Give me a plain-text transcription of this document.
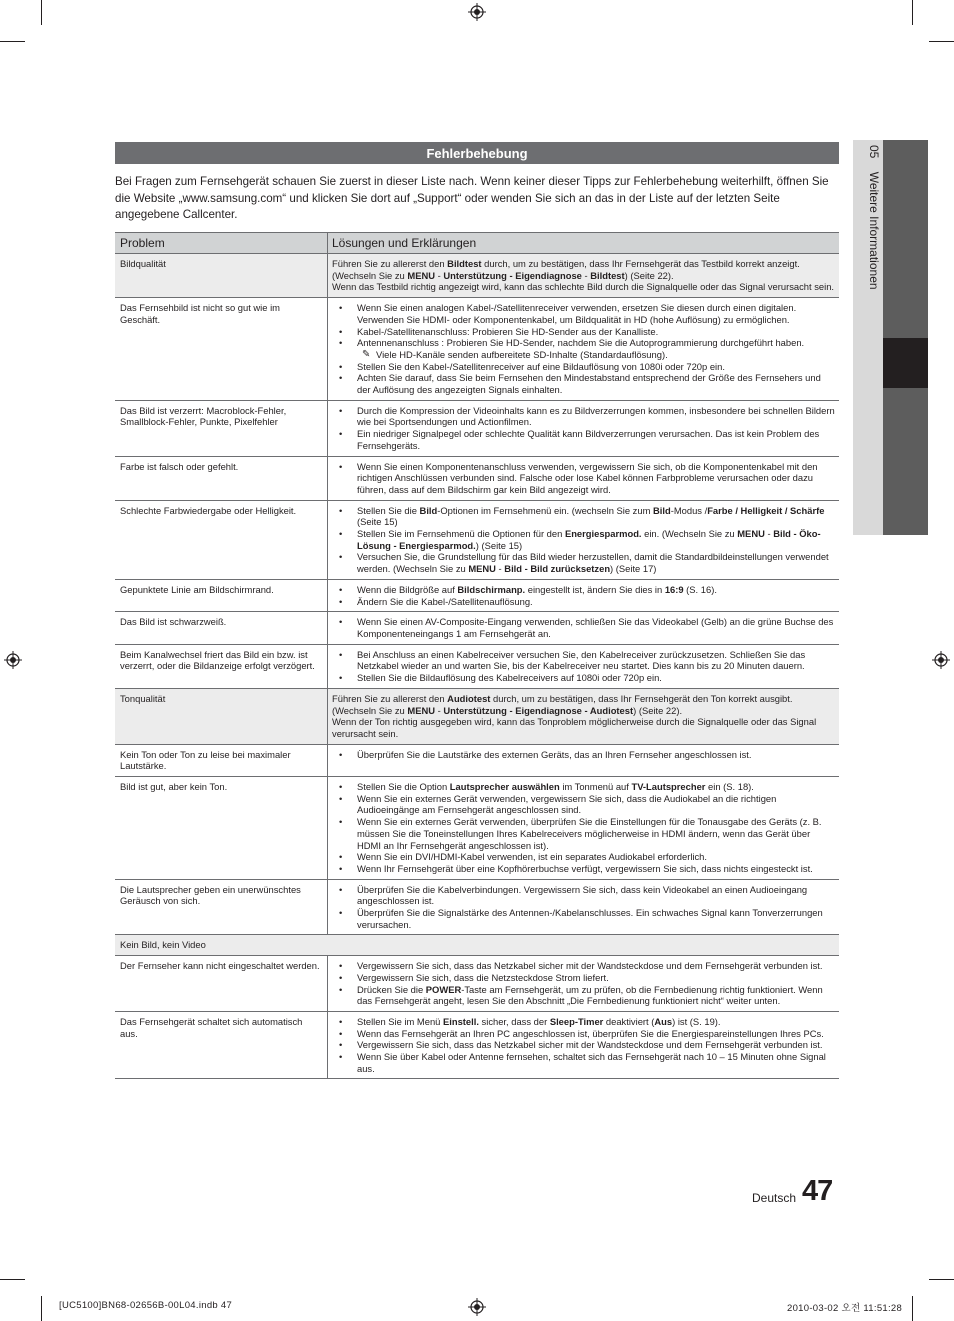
05 Weitere Informationen
Fehlerbehebung
Bei Fragen zum Fernsehgerät schauen Sie zuerst in dieser Liste nach. Wenn keiner dieser Tipps zur Fehlerbehebung weiterhilft, öffnen Sie die Website „www.samsung.com“ und klicken Sie dort auf „Support“ oder wenden Sie sich an das in der Liste auf der letzten Seite angegebene Callcenter.
Problem	Lösungen und Erklärungen
Bildqualität	Führen Sie zu allererst den Bildtest durch, um zu bestätigen, dass Ihr Fernsehgerät das Testbild korrekt anzeigt. (Wechseln Sie zu MENU - Unterstützung - Eigendiagnose - Bildtest) (Seite 22).
Wenn das Testbild richtig angezeigt wird, kann das schlechte Bild durch die Signalquelle oder das Signal verursacht sein.
Das Fernsehbild ist nicht so gut wie im Geschäft.
• Wenn Sie einen analogen Kabel-/Satellitenreceiver verwenden, ersetzen Sie diesen durch einen digitalen. Verwenden Sie HDMI- oder Komponentenkabel, um Bildqualität in HD (hohe Auflösung) zu ermöglichen.
• Kabel-/Satellitenanschluss: Probieren Sie HD-Sender aus der Kanalliste.
• Antennenanschluss : Probieren Sie HD-Sender, nachdem Sie die Autoprogrammierung durchgeführt haben.
✎ Viele HD-Kanäle senden aufbereitete SD-Inhalte (Standardauflösung).
• Stellen Sie den Kabel-/Satellitenreceiver auf eine Bildauflösung von 1080i oder 720p ein.
• Achten Sie darauf, dass Sie beim Fernsehen den Mindestabstand entsprechend der Größe des Fernsehers und der Auflösung des angezeigten Signals einhalten.
Das Bild ist verzerrt: Macroblock-Fehler, Smallblock-Fehler, Punkte, Pixelfehler
• Durch die Kompression der Videoinhalts kann es zu Bildverzerrungen kommen, insbesondere bei schnellen Bildern wie bei Sportsendungen und Actionfilmen.
• Ein niedriger Signalpegel oder schlechte Qualität kann Bildverzerrungen verursachen. Das ist kein Problem des Fernsehgeräts.
Farbe ist falsch oder gefehlt.	• Wenn Sie einen Komponentenanschluss verwenden, vergewissern Sie sich, ob die Komponentenkabel mit den richtigen Anschlüssen verbunden sind. Falsche oder lose Kabel können Farbprobleme verursachen oder dazu führen, dass auf dem Bildschirm gar kein Bild angezeigt wird.
Schlechte Farbwiedergabe oder Helligkeit.	• Stellen Sie die Bild-Optionen im Fernsehmenü ein. (wechseln Sie zum Bild-Modus /Farbe / Helligkeit / Schärfe (Seite 15)
• Stellen Sie im Fernsehmenü die Optionen für den Energiesparmod. ein. (Wechseln Sie zu MENU - Bild - Öko-Lösung - Energiesparmod.) (Seite 15)
• Versuchen Sie, die Grundstellung für das Bild wieder herzustellen, damit die Standardbildeinstellungen verwendet werden. (Wechseln Sie zu MENU - Bild - Bild zurücksetzen) (Seite 17)
Gepunktete Linie am Bildschirmrand.	• Wenn die Bildgröße auf Bildschirmanp. eingestellt ist, ändern Sie dies in 16:9 (S. 16).
• Ändern Sie die Kabel-/Satellitenauflösung.
Das Bild ist schwarzweiß.	• Wenn Sie einen AV-Composite-Eingang verwenden, schließen Sie das Videokabel (Gelb) an die grüne Buchse des Komponenteneingangs 1 am Fernsehgerät an.
Beim Kanalwechsel friert das Bild ein bzw. ist verzerrt, oder die Bildanzeige erfolgt verzögert.
• Bei Anschluss an einen Kabelreceiver versuchen Sie, den Kabelreceiver zurückzusetzen. Schließen Sie das Netzkabel wieder an und warten Sie, bis der Kabelreceiver neu startet. Dies kann bis zu 20 Minuten dauern.
• Stellen Sie die Bildauflösung des Kabelreceivers auf 1080i oder 720p ein.
Tonqualität	Führen Sie zu allererst den Audiotest durch, um zu bestätigen, dass Ihr Fernsehgerät den Ton korrekt ausgibt. (Wechseln Sie zu MENU - Unterstützung - Eigendiagnose - Audiotest) (Seite 22).
Wenn der Ton richtig ausgegeben wird, kann das Tonproblem möglicherweise durch die Signalquelle oder das Signal verursacht sein.
Kein Ton oder Ton zu leise bei maximaler Lautstärke.
• Überprüfen Sie die Lautstärke des externen Geräts, das an Ihren Fernseher angeschlossen ist.
Bild ist gut, aber kein Ton.	• Stellen Sie die Option Lautsprecher auswählen im Tonmenü auf TV-Lautsprecher ein (S. 18).
• Wenn Sie ein externes Gerät verwenden, vergewissern Sie sich, dass die Audiokabel an die richtigen Audioeingänge am Fernsehgerät angeschlossen sind.
• Wenn Sie ein externes Gerät verwenden, überprüfen Sie die Einstellungen für die Tonausgabe des Geräts (z. B. müssen Sie die Toneinstellungen Ihres Kabelreceivers möglicherweise in HDMI ändern, wenn das Gerät über HDMI an Ihr Fernsehgerät angeschlossen ist).
• Wenn Sie ein DVI/HDMI-Kabel verwenden, ist ein separates Audiokabel erforderlich.
• Wenn Ihr Fernsehgerät über eine Kopfhörerbuchse verfügt, vergewissern Sie sich, dass nichts eingesteckt ist.
Die Lautsprecher geben ein unerwünschtes Geräusch von sich.
• Überprüfen Sie die Kabelverbindungen. Vergewissern Sie sich, dass kein Videokabel an einen Audioeingang angeschlossen ist.
• Überprüfen Sie die Signalstärke des Antennen-/Kabelanschlusses. Ein schwaches Signal kann Tonverzerrungen verursachen.
Kein Bild, kein Video
Der Fernseher kann nicht eingeschaltet werden.	• Vergewissern Sie sich, dass das Netzkabel sicher mit der Wandsteckdose und dem Fernsehgerät verbunden ist.
• Vergewissern Sie sich, dass die Netzsteckdose Strom liefert.
• Drücken Sie die POWER-Taste am Fernsehgerät, um zu prüfen, ob die Fernbedienung richtig funktioniert. Wenn das Fernsehgerät angeht, lesen Sie den Abschnitt „Die Fernbedienung funktioniert nicht“ weiter unten.
Das Fernsehgerät schaltet sich automatisch aus.
• Stellen Sie im Menü Einstell. sicher, dass der Sleep-Timer deaktiviert (Aus) ist (S. 19).
• Wenn das Fernsehgerät an Ihren PC angeschlossen ist, überprüfen Sie die Energiespareinstellungen Ihres PCs.
• Vergewissern Sie sich, dass das Netzkabel sicher mit der Wandsteckdose und dem Fernsehgerät verbunden ist.
• Wenn Sie über Kabel oder Antenne fernsehen, schaltet sich das Fernsehgerät nach 10 – 15 Minuten ohne Signal aus.
Deutsch 47
[UC5100]BN68-02656B-00L04.indb 47	2010-03-02 오전 11:51:28
